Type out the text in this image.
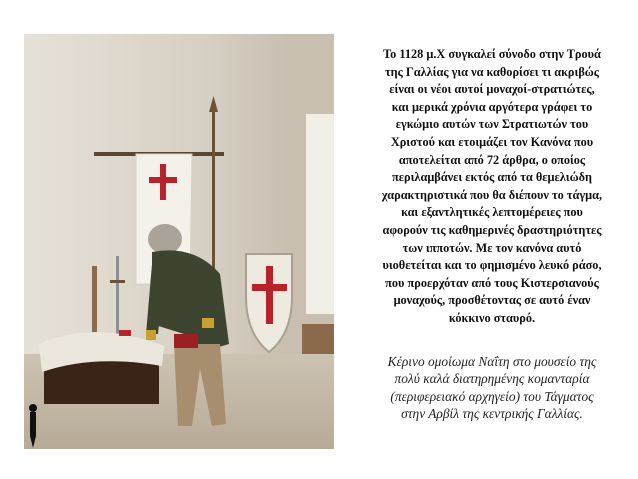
Το 1128 μ.Χ συγκαλεί σύνοδο στην Τρουά
της Γαλλίας για να καθορίσει τι ακριβώς
είναι οι νέοι αυτοί μοναχοί-στρατιώτες,
και μερικά χρόνια αργότερα γράφει το
εγκώμιο αυτών των Στρατιωτών του
Χριστού και ετοιμάζει τον Κανόνα που
αποτελείται από 72 άρθρα, ο οποίος
περιλαμβάνει εκτός από τα θεμελιώδη
χαρακτηριστικά που θα διέπουν το τάγμα,
και εξαντλητικές λεπτομέρειες που
αφορούν τις καθημερινές δραστηριότητες
των ιπποτών. Με τον κανόνα αυτό
υιοθετείται και το φημισμένο λευκό ράσο,
που προερχόταν από τους Κιστερσιανούς
μοναχούς, προσθέτοντας σε αυτό έναν
κόκκινο σταυρό.
Κέρινο ομοίωμα Ναΐτη στο μουσείο της
πολύ καλά διατηρημένης κομανταρία
(περιφερειακό αρχηγείο) του Τάγματος
στην Αρβίλ της κεντρικής Γαλλίας.
